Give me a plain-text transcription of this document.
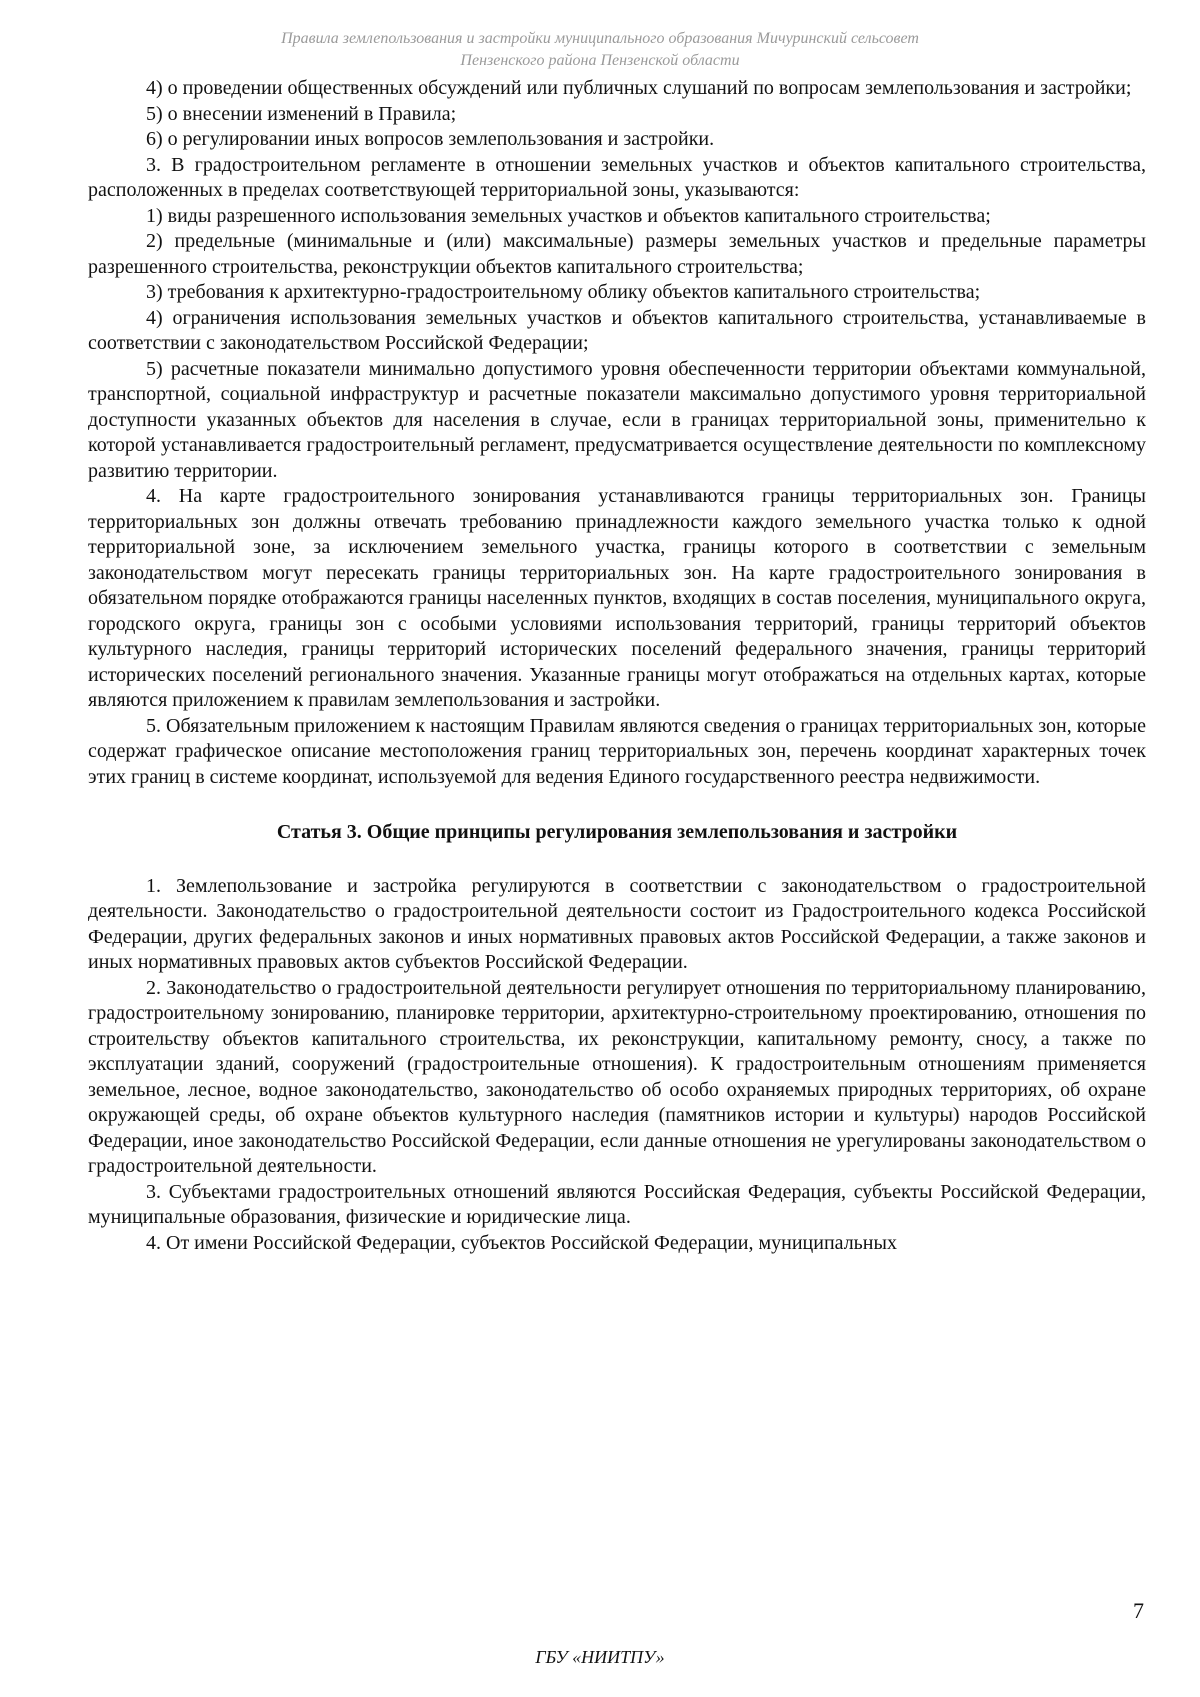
Правила землепользования и застройки муниципального образования Мичуринский сельсовет
Пензенского района Пензенской области

4) о проведении общественных обсуждений или публичных слушаний по вопросам землепользования и застройки;

5) о внесении изменений в Правила;

6) о регулировании иных вопросов землепользования и застройки.

3. В градостроительном регламенте в отношении земельных участков и объектов капитального строительства, расположенных в пределах соответствующей территориальной зоны, указываются:

1) виды разрешенного использования земельных участков и объектов капитального строительства;

2) предельные (минимальные и (или) максимальные) размеры земельных участков и предельные параметры разрешенного строительства, реконструкции объектов капитального строительства;

3) требования к архитектурно-градостроительному облику объектов капитального строительства;

4) ограничения использования земельных участков и объектов капитального строительства, устанавливаемые в соответствии с законодательством Российской Федерации;

5) расчетные показатели минимально допустимого уровня обеспеченности территории объектами коммунальной, транспортной, социальной инфраструктур и расчетные показатели максимально допустимого уровня территориальной доступности указанных объектов для населения в случае, если в границах территориальной зоны, применительно к которой устанавливается градостроительный регламент, предусматривается осуществление деятельности по комплексному развитию территории.

4. На карте градостроительного зонирования устанавливаются границы территориальных зон. Границы территориальных зон должны отвечать требованию принадлежности каждого земельного участка только к одной территориальной зоне, за исключением земельного участка, границы которого в соответствии с земельным законодательством могут пересекать границы территориальных зон. На карте градостроительного зонирования в обязательном порядке отображаются границы населенных пунктов, входящих в состав поселения, муниципального округа, городского округа, границы зон с особыми условиями использования территорий, границы территорий объектов культурного наследия, границы территорий исторических поселений федерального значения, границы территорий исторических поселений регионального значения. Указанные границы могут отображаться на отдельных картах, которые являются приложением к правилам землепользования и застройки.

5. Обязательным приложением к настоящим Правилам являются сведения о границах территориальных зон, которые содержат графическое описание местоположения границ территориальных зон, перечень координат характерных точек этих границ в системе координат, используемой для ведения Единого государственного реестра недвижимости.

Статья 3. Общие принципы регулирования землепользования и застройки

1. Землепользование и застройка регулируются в соответствии с законодательством о градостроительной деятельности. Законодательство о градостроительной деятельности состоит из Градостроительного кодекса Российской Федерации, других федеральных законов и иных нормативных правовых актов Российской Федерации, а также законов и иных нормативных правовых актов субъектов Российской Федерации.

2. Законодательство о градостроительной деятельности регулирует отношения по территориальному планированию, градостроительному зонированию, планировке территории, архитектурно-строительному проектированию, отношения по строительству объектов капитального строительства, их реконструкции, капитальному ремонту, сносу, а также по эксплуатации зданий, сооружений (градостроительные отношения). К градостроительным отношениям применяется земельное, лесное, водное законодательство, законодательство об особо охраняемых природных территориях, об охране окружающей среды, об охране объектов культурного наследия (памятников истории и культуры) народов Российской Федерации, иное законодательство Российской Федерации, если данные отношения не урегулированы законодательством о градостроительной деятельности.

3. Субъектами градостроительных отношений являются Российская Федерация, субъекты Российской Федерации, муниципальные образования, физические и юридические лица.

4. От имени Российской Федерации, субъектов Российской Федерации, муниципальных

7
ГБУ «НИИТПУ»
